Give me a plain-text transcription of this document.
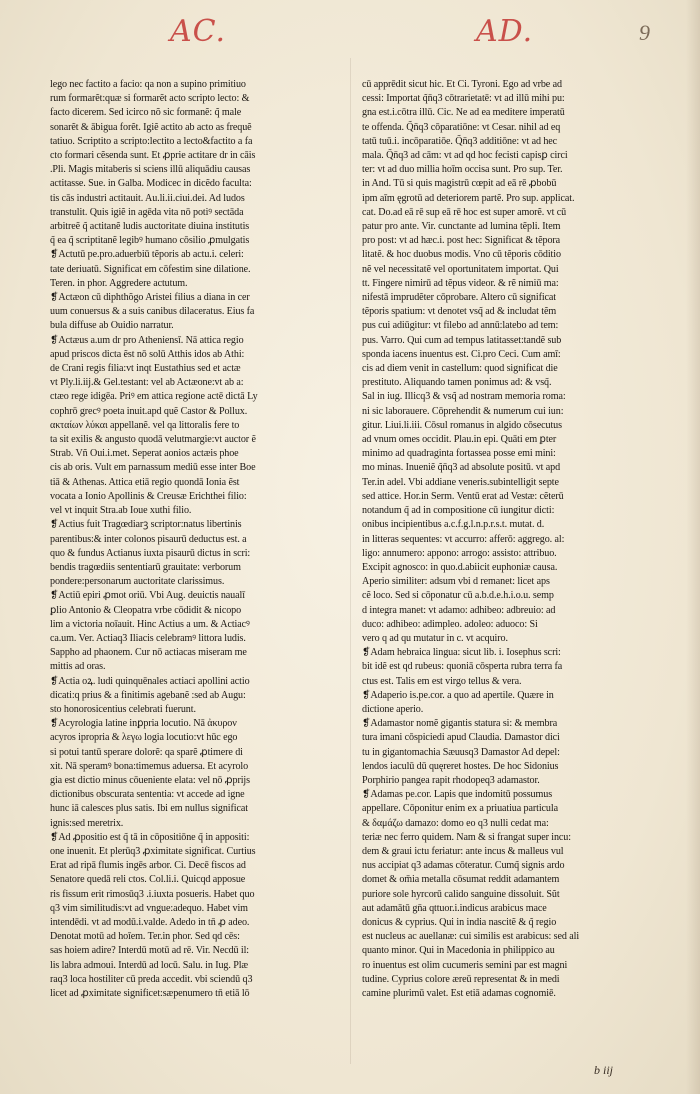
AC.	AD.	9

lego nec factito a facio: qa non a supino primitiuo

rum formarẽt:quæ si formarẽt acto scripto lecto: &

facto dicerem. Sed icirco nõ sic formanẽ: q̃ male

sonarẽt & ābigua forẽt. Igiẽ actito ab acto as frequẽ

tatiuo. Scriptito a scripto:lectito a lecto&factito a fa

cto formari cẽsenda sunt. Et ꝓprie actitare dr in cāis

.Pli. Magis mitaberis si sciens illū aliquādiu causas

actitasse. Sue. in Galba. Modicec in dicẽdo faculta:

tis cās industri actitauit. Au.li.ii.ciui.dei. Ad ludos

transtulit. Quis igiẽ in agēda vita nō potiꝰ sectāda

arbitreẽ q̃ actitanẽ ludis auctoritate diuina institutis

q̃ ea q̃ scriptitanẽ legibꝰ humano cōsilio ꝓmulgatis

❡Actutū pe.pro.aduerbiū tẽporis ab actu.i. celeri:

tate deriuatū. Significat em cōfestim sine dilatione.

Teren. in phor. Aggredere actutum.

❡Actæon cū diphthõgo Aristei filius a diana in cer

uum conuersus & a suis canibus dilaceratus. Eius fa

bula diffuse ab Ouidio narratur.

❡Actæus a.um dr pro Atheniensī. Nā attica regio

apud priscos dicta ẽst nō solū Atthis idos ab Athi:

de Crani regis filia:vt inqt Eustathius sed et actæ

vt Ply.li.iij.& Gel.testant: vel ab Actæone:vt ab a:

ctæo rege idigēa. Priꝰ em attica regione actē dictā Ly

cophrō grecꝰ poeta inuit.apd quẽ Castor & Pollux.

ακταίων λύκαι appellanẽ. vel qa littoralis fere to

ta sit exilis & angusto quodā velutmargie:vt auctor ẽ

Strab. Vñ Oui.i.met. Seperat aonios actæis phoe

cis ab oris. Vult em parnassum mediū esse inter Boe

tiā & Athenas. Attica etiā regio quondā Ionia ẽst

vocata a Ionio Apollinis & Creusæ Erichthei filio:

vel vt inquit Stra.ab Ioue xuthi filio.

❡Actius fuit Tragœdiarꝫ scriptor:natus libertinis

parentibus:& inter colonos pisaurū deductus est. a

quo & fundus Actianus iuxta pisaurū dictus in scri:

bendis tragœdiis sententiarū grauitate: verborum

pondere:personarum auctoritate clarissimus.

❡Actiū epiri ꝓmot oriū. Vbi Aug. deuictis naualī

ꝑlio Antonio & Cleopatra vrbe cōdidit & nicopo

lim a victoria noīauit. Hinc Actius a um. & Actiacꝰ

ca.um. Ver. Actiaq3 Iliacis celebramꝰ littora ludis.

Sappho ad phaonem. Cur nō actiacas miseram me

mittis ad oras.

❡Actia oꝝ. ludi quinquēnales actiaci apollini actio

dicati:q prius & a finitimis agebanẽ :sed ab Augu:

sto honorosicentius celebrati fuerunt.

❡Acyrologia latine inꝑpria locutio. Nā ἀκυρον

acyros ipropria & λεγω logia locutio:vt hūc ego

si potui tantū sperare dolorẽ: qa sparẽ ꝓtimere di

xit. Nā speramꝰ bona:timemus aduersa. Et acyrolo

gia est dictio minus cōueniente elata: vel nō ꝓprijs

dictionibus obscurata sententia: vt accede ad igne

hunc iā calesces plus satis. Ibi em nullus significat

ignis:sed meretrix.

❡Ad ꝓpositio est q̃ tā in cōpositiōne q̃ in appositi:

one inuenit. Et plerūq3 ꝓximitate significat. Curtius

Erat ad ripā flumis ingēs arbor. Ci. Decē fiscos ad

Senatore quedā reli ctos. Col.li.i. Quicqd apposue

ris fissum erit rimosūq3 .i.iuxta posueris. Habet quo

q3 vim similitudis:vt ad vngue:adequo. Habet vim

intendēdi. vt ad modū.i.valde. Adedo in tn̄ ꝓ adeo.

Denotat motū ad hoīem. Ter.in phor. Sed qd cēs:

sas hoiem adire? Interdū motū ad rē. Vir. Necdū il:

lis labra admoui. Interdū ad locū. Salu. in Iug. Plæ

raq3 loca hostiliter cū preda accedit. vbi sciendū q3

licet ad ꝓximitate significet:sæpenumero tn̄ etiā lō

cū apprēdit sicut hic. Et Ci. Tyroni. Ego ad vrbe ad

cessi: Importat q̃n̄q3 cōtrarietatē: vt ad illū mihi pu:

gna est.i.cōtra illū. Cic. Ne ad ea meditere imperatū

te offenda. Q̃n̄q3 cōparatiōne: vt Cesar. nihil ad eq

tatū tuū.i. incōparatiōe. Q̃n̄q3 additiōne: vt ad hec

mala. Q̃n̄q3 ad cām: vt ad qd hoc fecisti capisꝑ circi

ter: vt ad duo millia hoīm occisa sunt. Pro sup. Ter.

in And. Tū si quis magistrū cœpit ad eā rē ꝓbobū

ipm aīm ęgrotū ad deteriorem partẽ. Pro sup. applicat.

cat. Do.ad eā rē sup eā rē hoc est super amorẽ. vt cū

patur pro ante. Vir. cunctante ad lumina tẽpli. Item

pro post: vt ad hæc.i. post hec: Significat & tẽpora

litatẽ. & hoc duobus modis. Vno cū tẽporis cōditio

nẽ vel necessitatẽ vel oportunitatem importat. Qui

tt. Fingere nimirū ad tẽpus videor. & rẽ nimiū ma:

nifestā imprudẽter cōprobare. Altero cū significat

tẽporis spatium: vt denotet vsq̃ ad & includat tẽm

pus cui adiūgitur: vt filebo ad annū:latebo ad tem:

pus. Varro. Qui cum ad tempus latitasset:tandẽ sub

sponda iacens inuentus est. Ci.pro Ceci. Cum amī:

cis ad diem venit in castellum: quod significat die

prestituto. Aliquando tamen ponimus ad: & vsq̃.

Sal in iug. Illicq3 & vsq̃ ad nostram memoria roma:

ni sic laborauere. Cōprehendit & numerum cui iun:

gitur. Liui.li.iii. Cōsul romanus in algido cōsecutus

ad vnum omes occidit. Plau.in epi. Quāti em ꝑter

minimo ad quadraginta fortassea posse emi mini:

mo minas. Inueniẽ q̃n̄q3 ad absolute positū. vt apd

Ter.in adel. Vbi addiane veneris.subintelligit septe

sed attice. Hor.in Serm. Ventū erat ad Vestæ: cẽterū

notandum q̃ ad in compositione cū iungitur dicti:

onibus incipientibus a.c.f.g.l.n.p.r.s.t. mutat. d.

in litteras sequentes: vt accurro: afferō: aggrego. al:

ligo: annumero: appono: arrogo: assisto: attribuo.

Excipit agnosco: in quo.d.abiicit euphoniæ causa.

Aperio similiter: adsum vbi d remanet: licet aps

cẽ loco. Sed si cōponatur cū a.b.d.e.h.i.o.u. semp

d integra manet: vt adamo: adhibeo: adbreuio: ad

duco: adhibeo: adimpleo. adoleo: aduoco: Si

vero q ad qu mutatur in c. vt acquiro.

❡Adam hebraica lingua: sicut lib. i. Iosephus scri:

bit idẽ est qd rubeus: quoniā cōsperta rubra terra fa

ctus est. Talis em est virgo tellus & vera.

❡Adaperio is.pe.cor. a quo ad apertile. Quære in

dictione aperio.

❡Adamastor nomẽ gigantis statura si: & membra

tura imani cōspiciedi apud Claudia. Damastor dici

tu in gigantomachia Sæuusq3 Damastor Ad depel:

lendos iaculū dū quęreret hostes. De hoc Sidonius

Porphirio pangea rapit rhodopeq3 adamastor.

❡Adamas pe.cor. Lapis que indomitū possumus

appellare. Cōponitur enim ex a priuatiua particula

& δαμάζω damazo: domo eo q3 nulli cedat ma:

teriæ nec ferro quidem. Nam & si frangat super incu:

dem & graui ictu feriatur: ante incus & malleus vul

nus accipiat q3 adamas cōteratur. Cumq̃ signis ardo

domet & om̄ia metalla cōsumat reddit adamantem

puriore sole hyrcorū calido sanguine dissoluit. Sũt

aut adamātū gn̄a qttuor.i.indicus arabicus mace

donicus & cyprius. Qui in india nascitẽ & q̃ regio

est nucleus ac auellanæ: cui similis est arabicus: sed ali

quanto minor. Qui in Macedonia in philippico au

ro inuentus est olim cucumeris semini par est magni

tudine. Cyprius colore æreū representat & in medi

camine plurimū valet. Est etiā adamas cognomiē.

b iij
